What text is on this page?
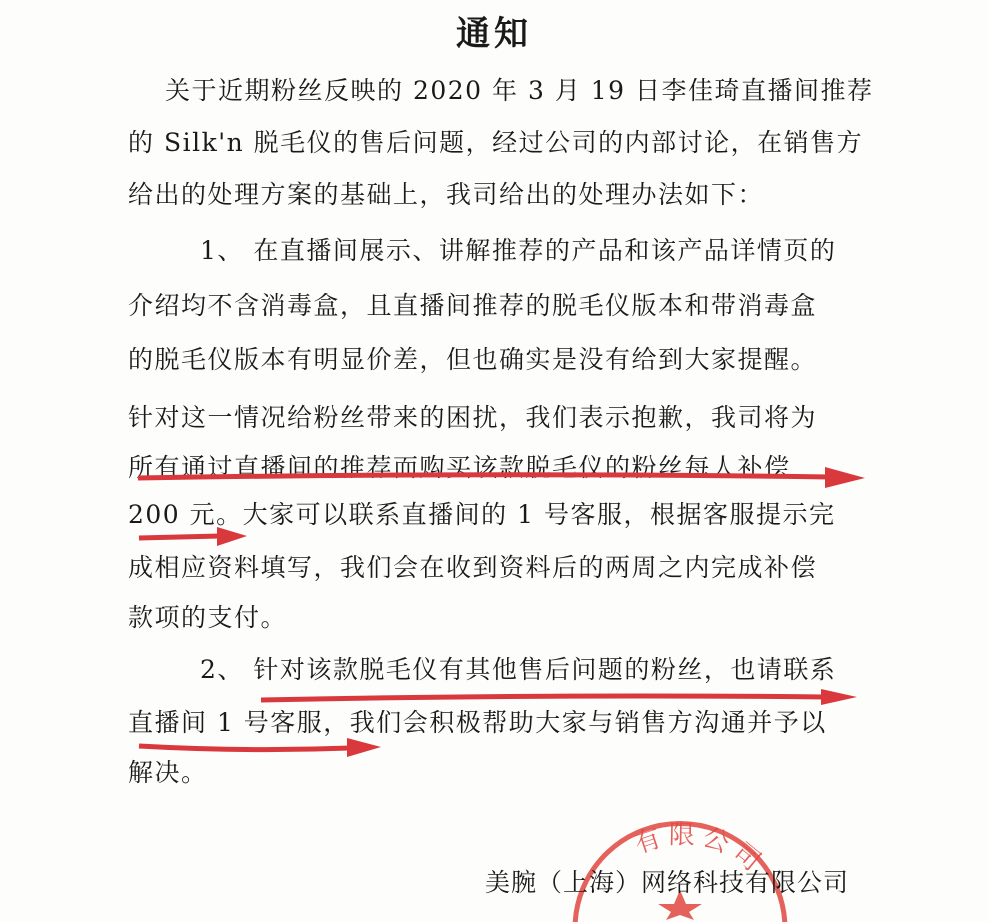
通知
关于近期粉丝反映的 2020 年 3 月 19 日李佳琦直播间推荐
的 Silk'n 脱毛仪的售后问题，经过公司的内部讨论，在销售方
给出的处理方案的基础上，我司给出的处理办法如下：
1、 在直播间展示、讲解推荐的产品和该产品详情页的
介绍均不含消毒盒，且直播间推荐的脱毛仪版本和带消毒盒
的脱毛仪版本有明显价差，但也确实是没有给到大家提醒。
针对这一情况给粉丝带来的困扰，我们表示抱歉，我司将为
所有通过直播间的推荐而购买该款脱毛仪的粉丝每人补偿
200 元。大家可以联系直播间的 1 号客服，根据客服提示完
成相应资料填写，我们会在收到资料后的两周之内完成补偿
款项的支付。
2、 针对该款脱毛仪有其他售后问题的粉丝，也请联系
直播间 1 号客服，我们会积极帮助大家与销售方沟通并予以
解决。
有限公司
美腕（上海）网络科技有限公司
